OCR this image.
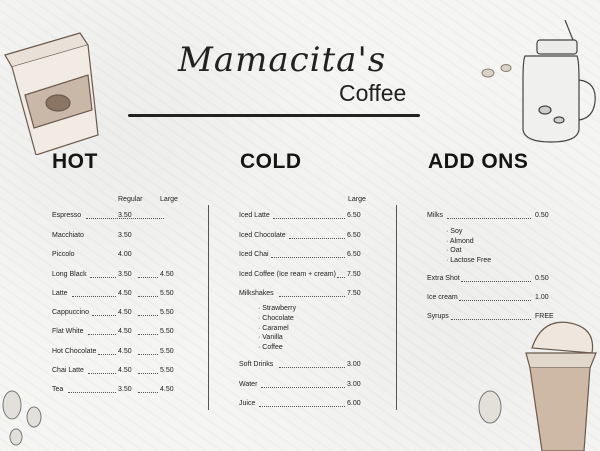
Mamacita's
Coffee
HOT	COLD	ADD ONS
Regular Large	Large
Espresso	3.50
Macchiato	3.50
Piccolo	4.00
Long Black	3.50	4.50
Latte	4.50	5.50
Cappuccino	4.50	5.50
Flat White	4.50	5.50
Hot Chocolate	4.50	5.50
Chai Latte	4.50	5.50
Tea	3.50	4.50
Iced Latte	6.50
Iced Chocolate	6.50
Iced Chai	6.50
Iced Coffee (Ice ream + cream) 7.50
Milkshakes	7.50
Soft Drinks	3.00
Water	3.00
Juice	6.00
· Strawberry
· Chocolate
· Caramel
· Vanilla
· Coffee
Milks	0.50
Extra Shot	0.50
Ice cream	1.00
Syrups	FREE
· Soy
· Almond
· Oat
· Lactose Free
